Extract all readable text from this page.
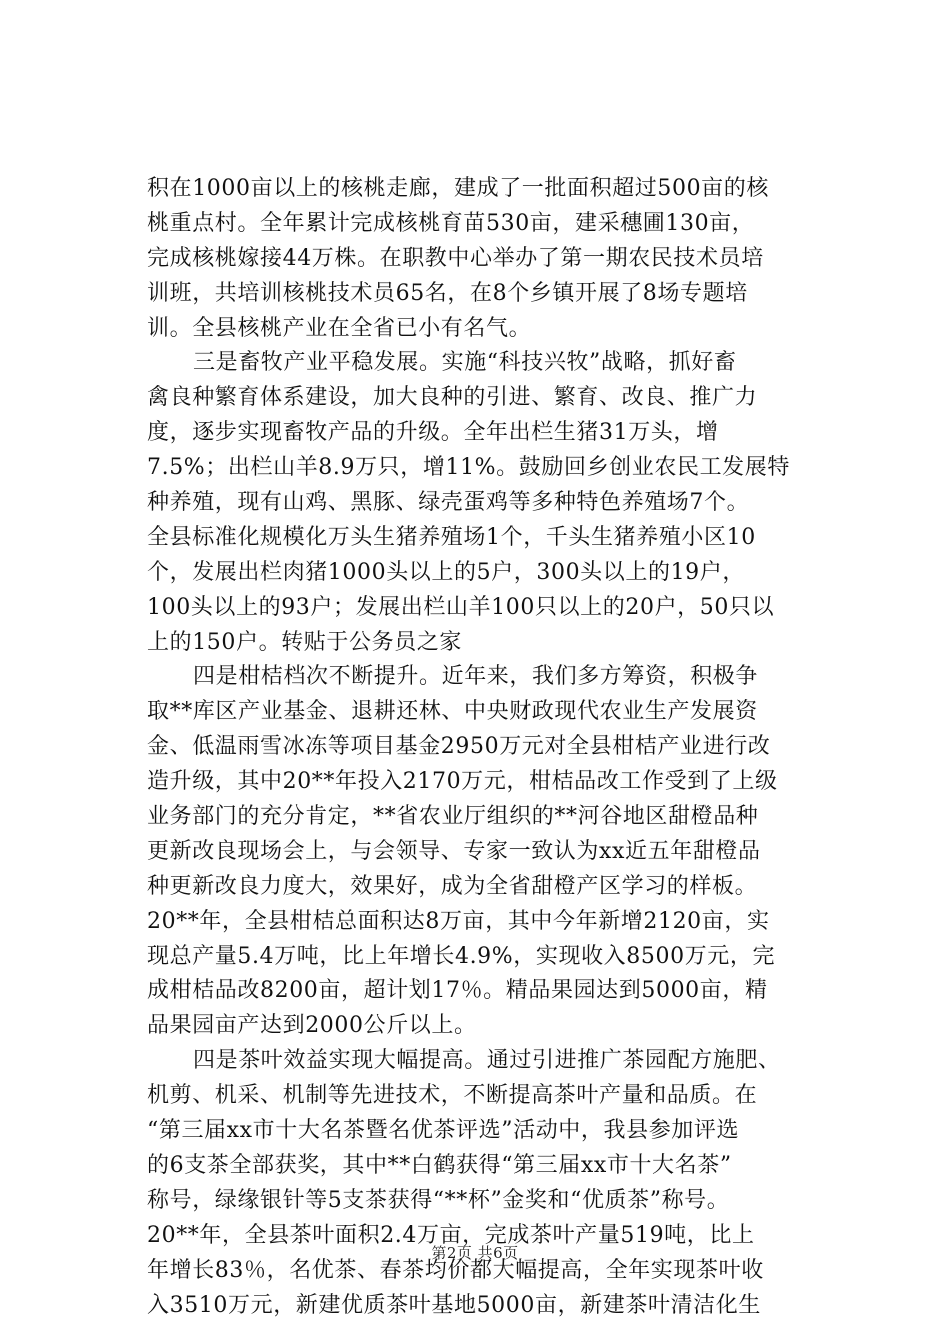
积在1000亩以上的核桃走廊，建成了一批面积超过500亩的核
桃重点村。全年累计完成核桃育苗530亩，建采穗圃130亩，
完成核桃嫁接44万株。在职教中心举办了第一期农民技术员培
训班，共培训核桃技术员65名，在8个乡镇开展了8场专题培
训。全县核桃产业在全省已小有名气。
三是畜牧产业平稳发展。实施“科技兴牧”战略，抓好畜
禽良种繁育体系建设，加大良种的引进、繁育、改良、推广力
度，逐步实现畜牧产品的升级。全年出栏生猪31万头，增
7.5%；出栏山羊8.9万只，增11%。鼓励回乡创业农民工发展特
种养殖，现有山鸡、黑豚、绿壳蛋鸡等多种特色养殖场7个。
全县标准化规模化万头生猪养殖场1个，千头生猪养殖小区10
个，发展出栏肉猪1000头以上的5户，300头以上的19户，
100头以上的93户；发展出栏山羊100只以上的20户，50只以
上的150户。转贴于公务员之家
四是柑桔档次不断提升。近年来，我们多方筹资，积极争
取**库区产业基金、退耕还林、中央财政现代农业生产发展资
金、低温雨雪冰冻等项目基金2950万元对全县柑桔产业进行改
造升级，其中20**年投入2170万元，柑桔品改工作受到了上级
业务部门的充分肯定，**省农业厅组织的**河谷地区甜橙品种
更新改良现场会上，与会领导、专家一致认为xx近五年甜橙品
种更新改良力度大，效果好，成为全省甜橙产区学习的样板。
20**年，全县柑桔总面积达8万亩，其中今年新增2120亩，实
现总产量5.4万吨，比上年增长4.9%，实现收入8500万元，完
成柑桔品改8200亩，超计划17％。精品果园达到5000亩，精
品果园亩产达到2000公斤以上。
四是茶叶效益实现大幅提高。通过引进推广茶园配方施肥、
机剪、机采、机制等先进技术，不断提高茶叶产量和品质。在
“第三届xx市十大名茶暨名优茶评选”活动中，我县参加评选
的6支茶全部获奖，其中**白鹤获得“第三届xx市十大名茶”
称号，绿缘银针等5支茶获得“**杯”金奖和“优质茶”称号。
20**年，全县茶叶面积2.4万亩，完成茶叶产量519吨，比上
年增长83％，名优茶、春茶均价都大幅提高，全年实现茶叶收
入3510万元，新建优质茶叶基地5000亩，新建茶叶清洁化生
第2页 共6页
